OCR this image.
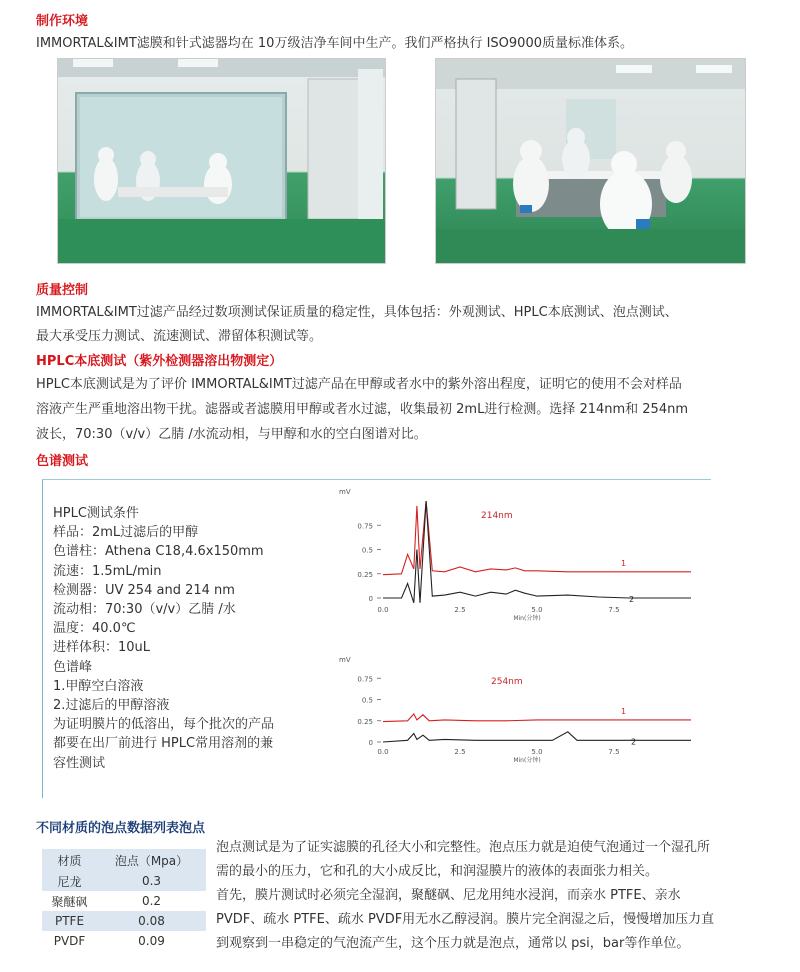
制作环境
IMMORTAL&IMT滤膜和针式滤器均在 10万级洁净车间中生产。我们严格执行 ISO9000质量标准体系。
质量控制
IMMORTAL&IMT过滤产品经过数项测试保证质量的稳定性，具体包括：外观测试、HPLC本底测试、泡点测试、
最大承受压力测试、流速测试、滞留体积测试等。
HPLC本底测试（紫外检测器溶出物测定）
HPLC本底测试是为了评价 IMMORTAL&IMT过滤产品在甲醇或者水中的紫外溶出程度，证明它的使用不会对样品
溶液产生严重地溶出物干扰。滤器或者滤膜用甲醇或者水过滤，收集最初 2mL进行检测。选择 214nm和 254nm
波长，70:30（v/v）乙腈 /水流动相，与甲醇和水的空白图谱对比。
色谱测试
HPLC测试条件
样品：2mL过滤后的甲醇
色谱柱：Athena C18,4.6x150mm
流速：1.5mL/min
检测器：UV 254 and 214 nm
流动相：70:30（v/v）乙腈 /水
温度：40.0℃
进样体积：10uL
色谱峰
1.甲醇空白溶液
2.过滤后的甲醇溶液
为证明膜片的低溶出，每个批次的产品
都要在出厂前进行 HPLC常用溶剂的兼
容性测试
mV
0
0.25
0.5
0.75
214nm
1
2
0.0	2.5	5.0	7.5
Min(分钟)
mV
0
0.25
0.5
0.75	254nm
1
2
0.0	2.5	5.0	7.5
Min(分钟)
不同材质的泡点数据列表泡点
材质	泡点（Mpa）
尼龙	0.3
聚醚砜	0.2
PTFE	0.08
PVDF	0.09
泡点测试是为了证实滤膜的孔径大小和完整性。泡点压力就是迫使气泡通过一个湿孔所
需的最小的压力，它和孔的大小成反比，和润湿膜片的液体的表面张力相关。
首先，膜片测试时必须完全湿润，聚醚砜、尼龙用纯水浸润，而亲水 PTFE、亲水
PVDF、疏水 PTFE、疏水 PVDF用无水乙醇浸润。膜片完全润湿之后，慢慢增加压力直
到观察到一串稳定的气泡流产生，这个压力就是泡点，通常以 psi，bar等作单位。
